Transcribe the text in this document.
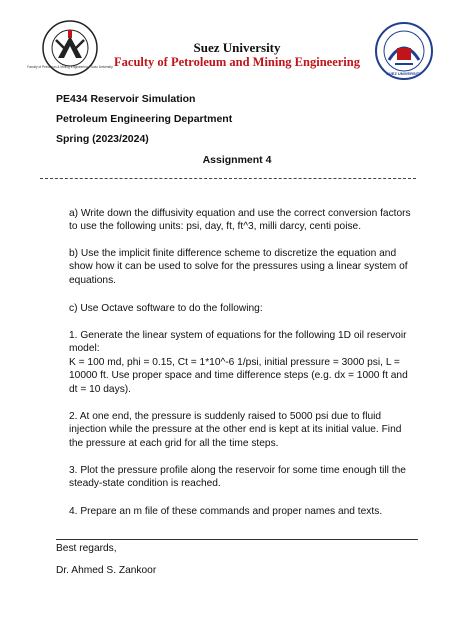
Faculty of Petroleum & Mining Engineering · Suez University
SUEZ UNIVERSITY
Suez University
Faculty of Petroleum and Mining Engineering
PE434 Reservoir Simulation
Petroleum Engineering Department
Spring (2023/2024)
Assignment 4
a) Write down the diffusivity equation and use the correct conversion factors to use the following units: psi, day, ft, ft^3, milli darcy, centi poise.
b) Use the implicit finite difference scheme to discretize the equation and show how it can be used to solve for the pressures using a linear system of equations.
c) Use Octave software to do the following:
1. Generate the linear system of equations for the following 1D oil reservoir model:
K = 100 md, phi = 0.15, Ct = 1*10^-6 1/psi, initial pressure = 3000 psi, L = 10000 ft. Use proper space and time difference steps (e.g. dx = 1000 ft and dt = 10 days).
2. At one end, the pressure is suddenly raised to 5000 psi due to fluid injection while the pressure at the other end is kept at its initial value. Find the pressure at each grid for all the time steps.
3. Plot the pressure profile along the reservoir for some time enough till the steady-state condition is reached.
4. Prepare an m file of these commands and proper names and texts.
Best regards,
Dr. Ahmed S. Zankoor
